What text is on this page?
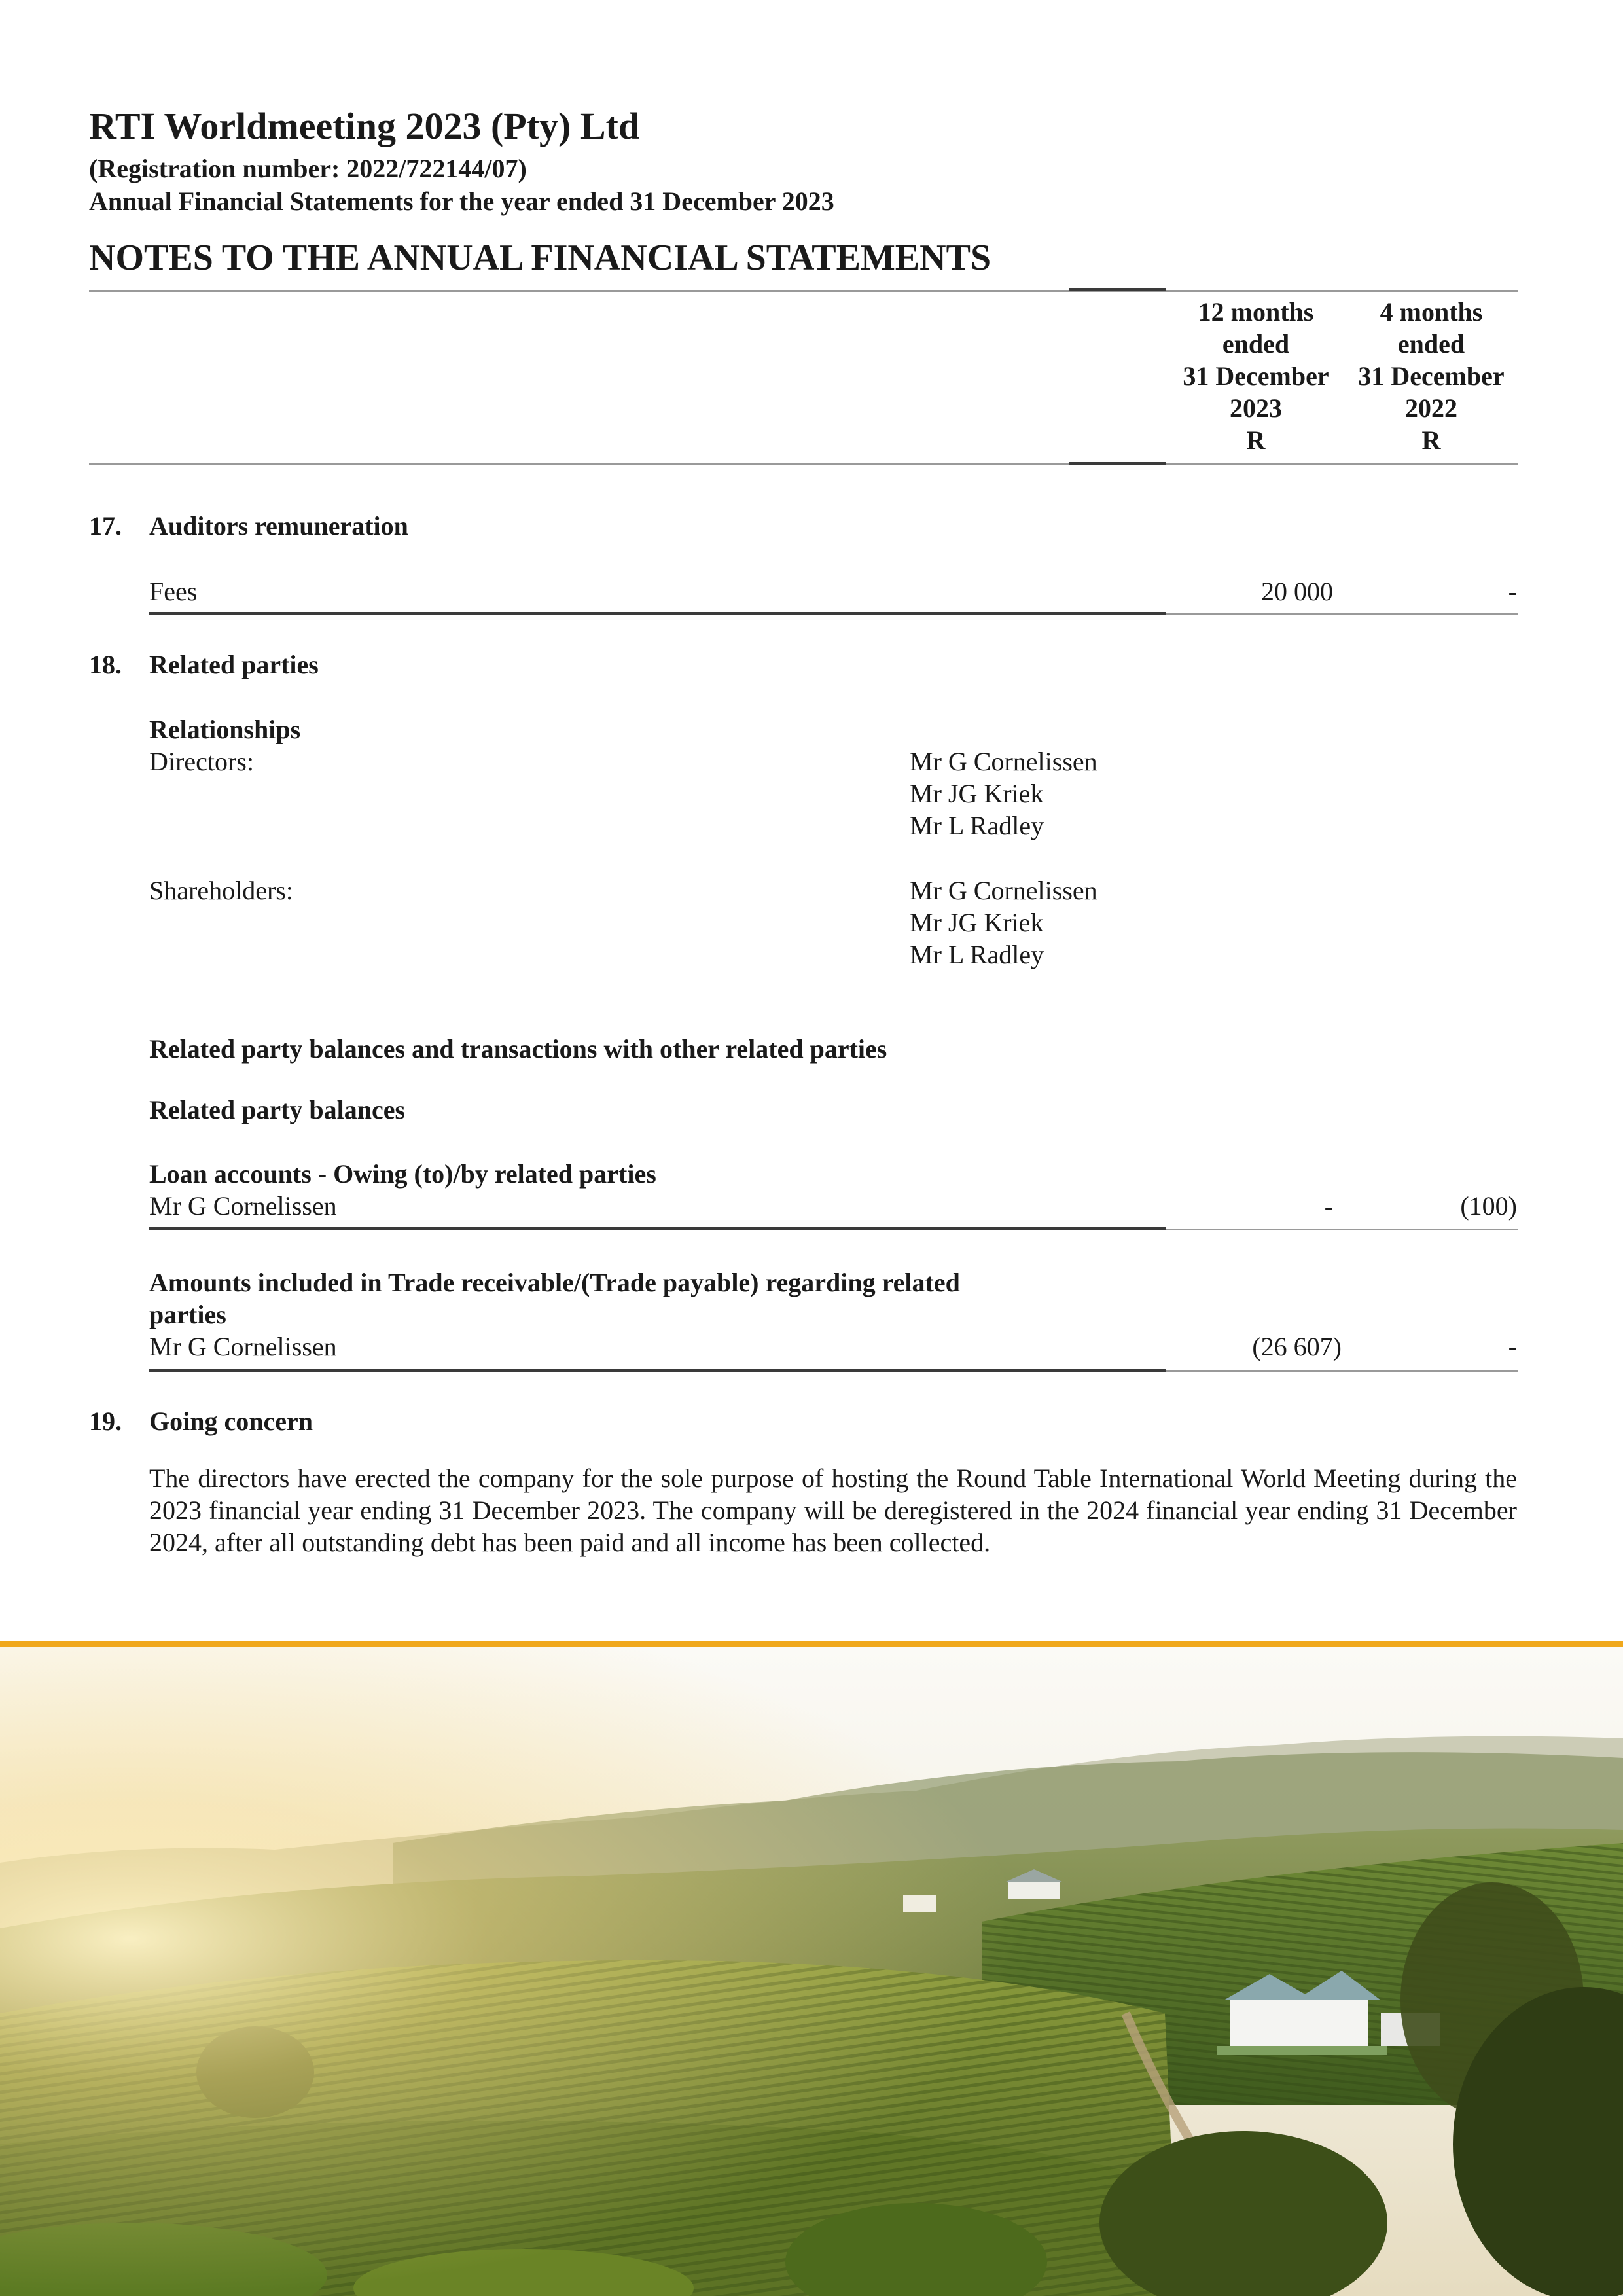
RTI Worldmeeting 2023 (Pty) Ltd
(Registration number: 2022/722144/07)
Annual Financial Statements for the year ended 31 December 2023
NOTES TO THE ANNUAL FINANCIAL STATEMENTS
12 months
ended
31 December
2023
R
4 months
ended
31 December
2022
R
17. Auditors remuneration
Fees	20 000	-
18. Related parties
Relationships
Directors:	Mr G Cornelissen
Mr JG Kriek
Mr L Radley
Shareholders:	Mr G Cornelissen
Mr JG Kriek
Mr L Radley
Related party balances and transactions with other related parties
Related party balances
Loan accounts - Owing (to)/by related parties
Mr G Cornelissen	-	(100)
Amounts included in Trade receivable/(Trade payable) regarding related
parties
Mr G Cornelissen	(26 607)	-
19. Going concern
The directors have erected the company for the sole purpose of hosting the Round Table International World Meeting during the 2023 financial year ending 31 December 2023. The company will be deregistered in the 2024 financial year ending 31 December 2024, after all outstanding debt has been paid and all income has been collected.
